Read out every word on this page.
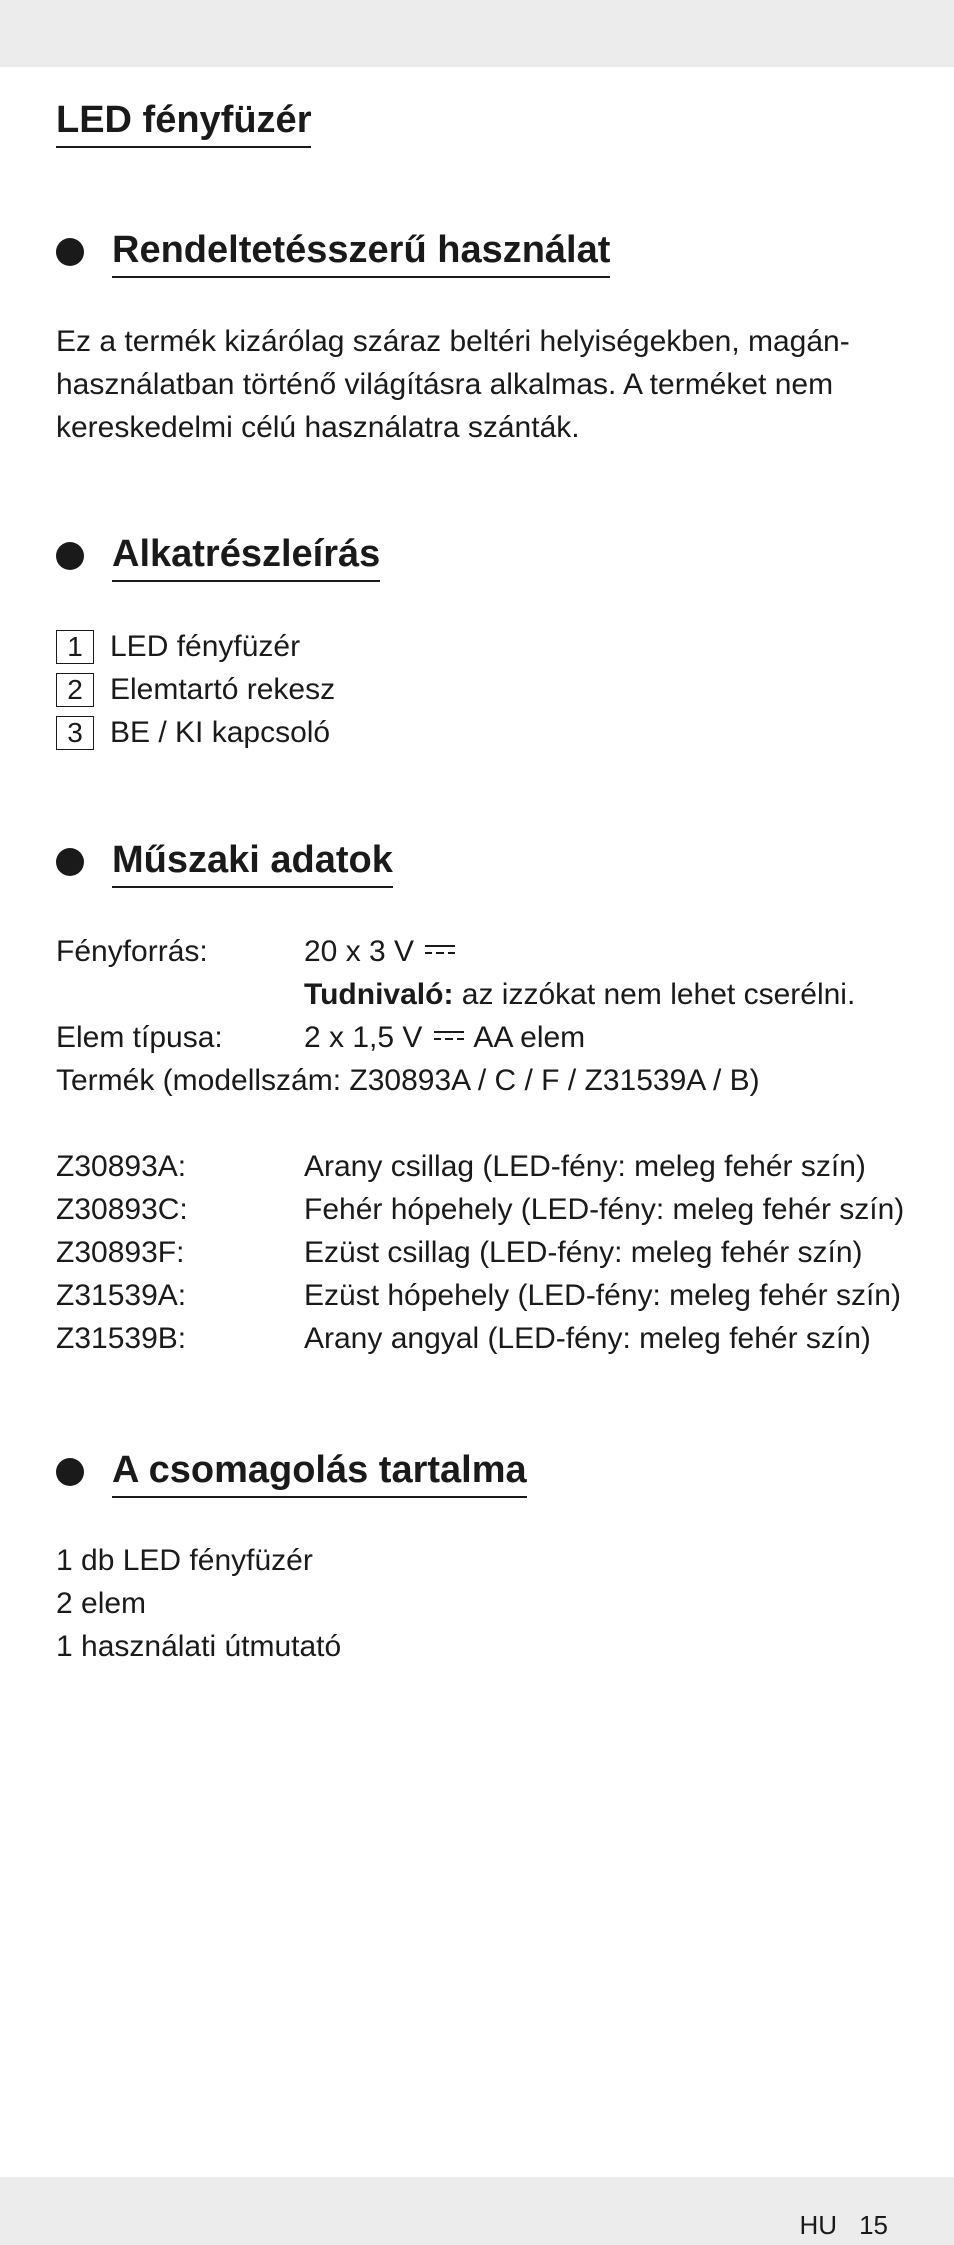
LED fényfüzér
Rendeltetésszerű használat
Ez a termék kizárólag száraz beltéri helyiségekben, magán-
használatban történő világításra alkalmas. A terméket nem
kereskedelmi célú használatra szánták.
Alkatrészleírás
1 LED fényfüzér
2 Elemtartó rekesz
3 BE / KI kapcsoló
Műszaki adatok
Fényforrás:	20 x 3 V
Tudnivaló: az izzókat nem lehet cserélni.
Elem típusa:	2 x 1,5 V  AA elem
Termék (modellszám: Z30893A / C / F / Z31539A / B)
Z30893A:	Arany csillag (LED-fény: meleg fehér szín)
Z30893C:	Fehér hópehely (LED-fény: meleg fehér szín)
Z30893F:	Ezüst csillag (LED-fény: meleg fehér szín)
Z31539A:	Ezüst hópehely (LED-fény: meleg fehér szín)
Z31539B:	Arany angyal (LED-fény: meleg fehér szín)
A csomagolás tartalma
1 db LED fényfüzér
2 elem
1 használati útmutató
HU 15
